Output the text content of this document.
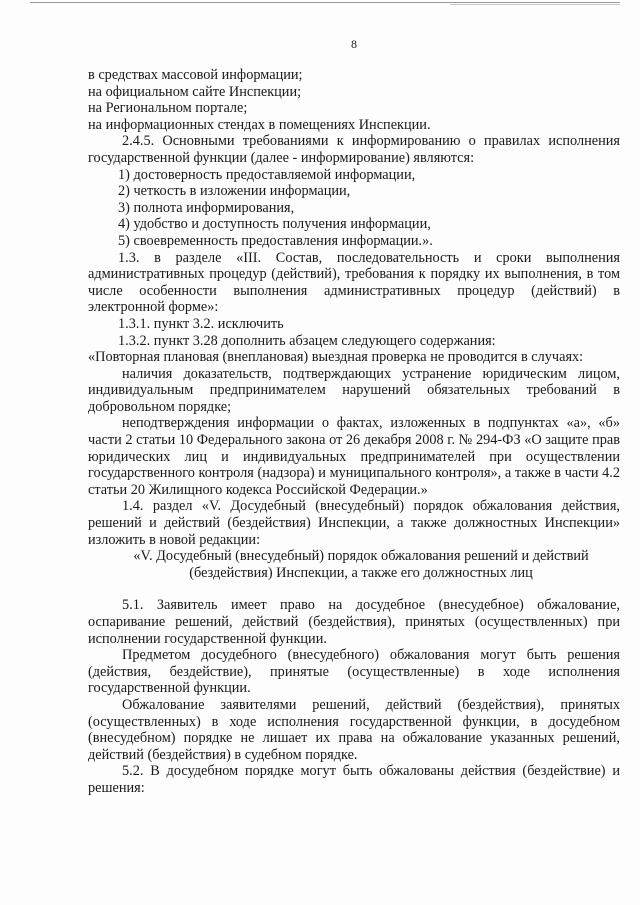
8

в средствах массовой информации;

на официальном сайте Инспекции;

на Региональном портале;

на информационных стендах в помещениях Инспекции.

2.4.5. Основными требованиями к информированию о правилах исполнения государственной функции (далее - информирование) являются:

1) достоверность предоставляемой информации,

2) четкость в изложении информации,

3) полнота информирования,

4) удобство и доступность получения информации,

5) своевременность предоставления информации.».

1.3. в разделе «III. Состав, последовательность и сроки выполнения административных процедур (действий), требования к порядку их выполнения, в том числе особенности выполнения административных процедур (действий) в электронной форме»:

1.3.1. пункт 3.2. исключить

1.3.2. пункт 3.28 дополнить абзацем следующего содержания:

«Повторная плановая (внеплановая) выездная проверка не проводится в случаях:

наличия доказательств, подтверждающих устранение юридическим лицом, индивидуальным предпринимателем нарушений обязательных требований в добровольном порядке;

неподтверждения информации о фактах, изложенных в подпунктах «а», «б» части 2 статьи 10 Федерального закона от 26 декабря 2008 г. № 294-ФЗ «О защите прав юридических лиц и индивидуальных предпринимателей при осуществлении государственного контроля (надзора) и муниципального контроля», а также в части 4.2 статьи 20 Жилищного кодекса Российской Федерации.»

1.4. раздел «V. Досудебный (внесудебный) порядок обжалования действия, решений и действий (бездействия) Инспекции, а также должностных Инспекции» изложить в новой редакции:

«V. Досудебный (внесудебный) порядок обжалования решений и действий (бездействия) Инспекции, а также его должностных лиц

5.1. Заявитель имеет право на досудебное (внесудебное) обжалование, оспаривание решений, действий (бездействия), принятых (осуществленных) при исполнении государственной функции.

Предметом досудебного (внесудебного) обжалования могут быть решения (действия, бездействие), принятые (осуществленные) в ходе исполнения государственной функции.

Обжалование заявителями решений, действий (бездействия), принятых (осуществленных) в ходе исполнения государственной функции, в досудебном (внесудебном) порядке не лишает их права на обжалование указанных решений, действий (бездействия) в судебном порядке.

5.2. В досудебном порядке могут быть обжалованы действия (бездействие) и решения:
